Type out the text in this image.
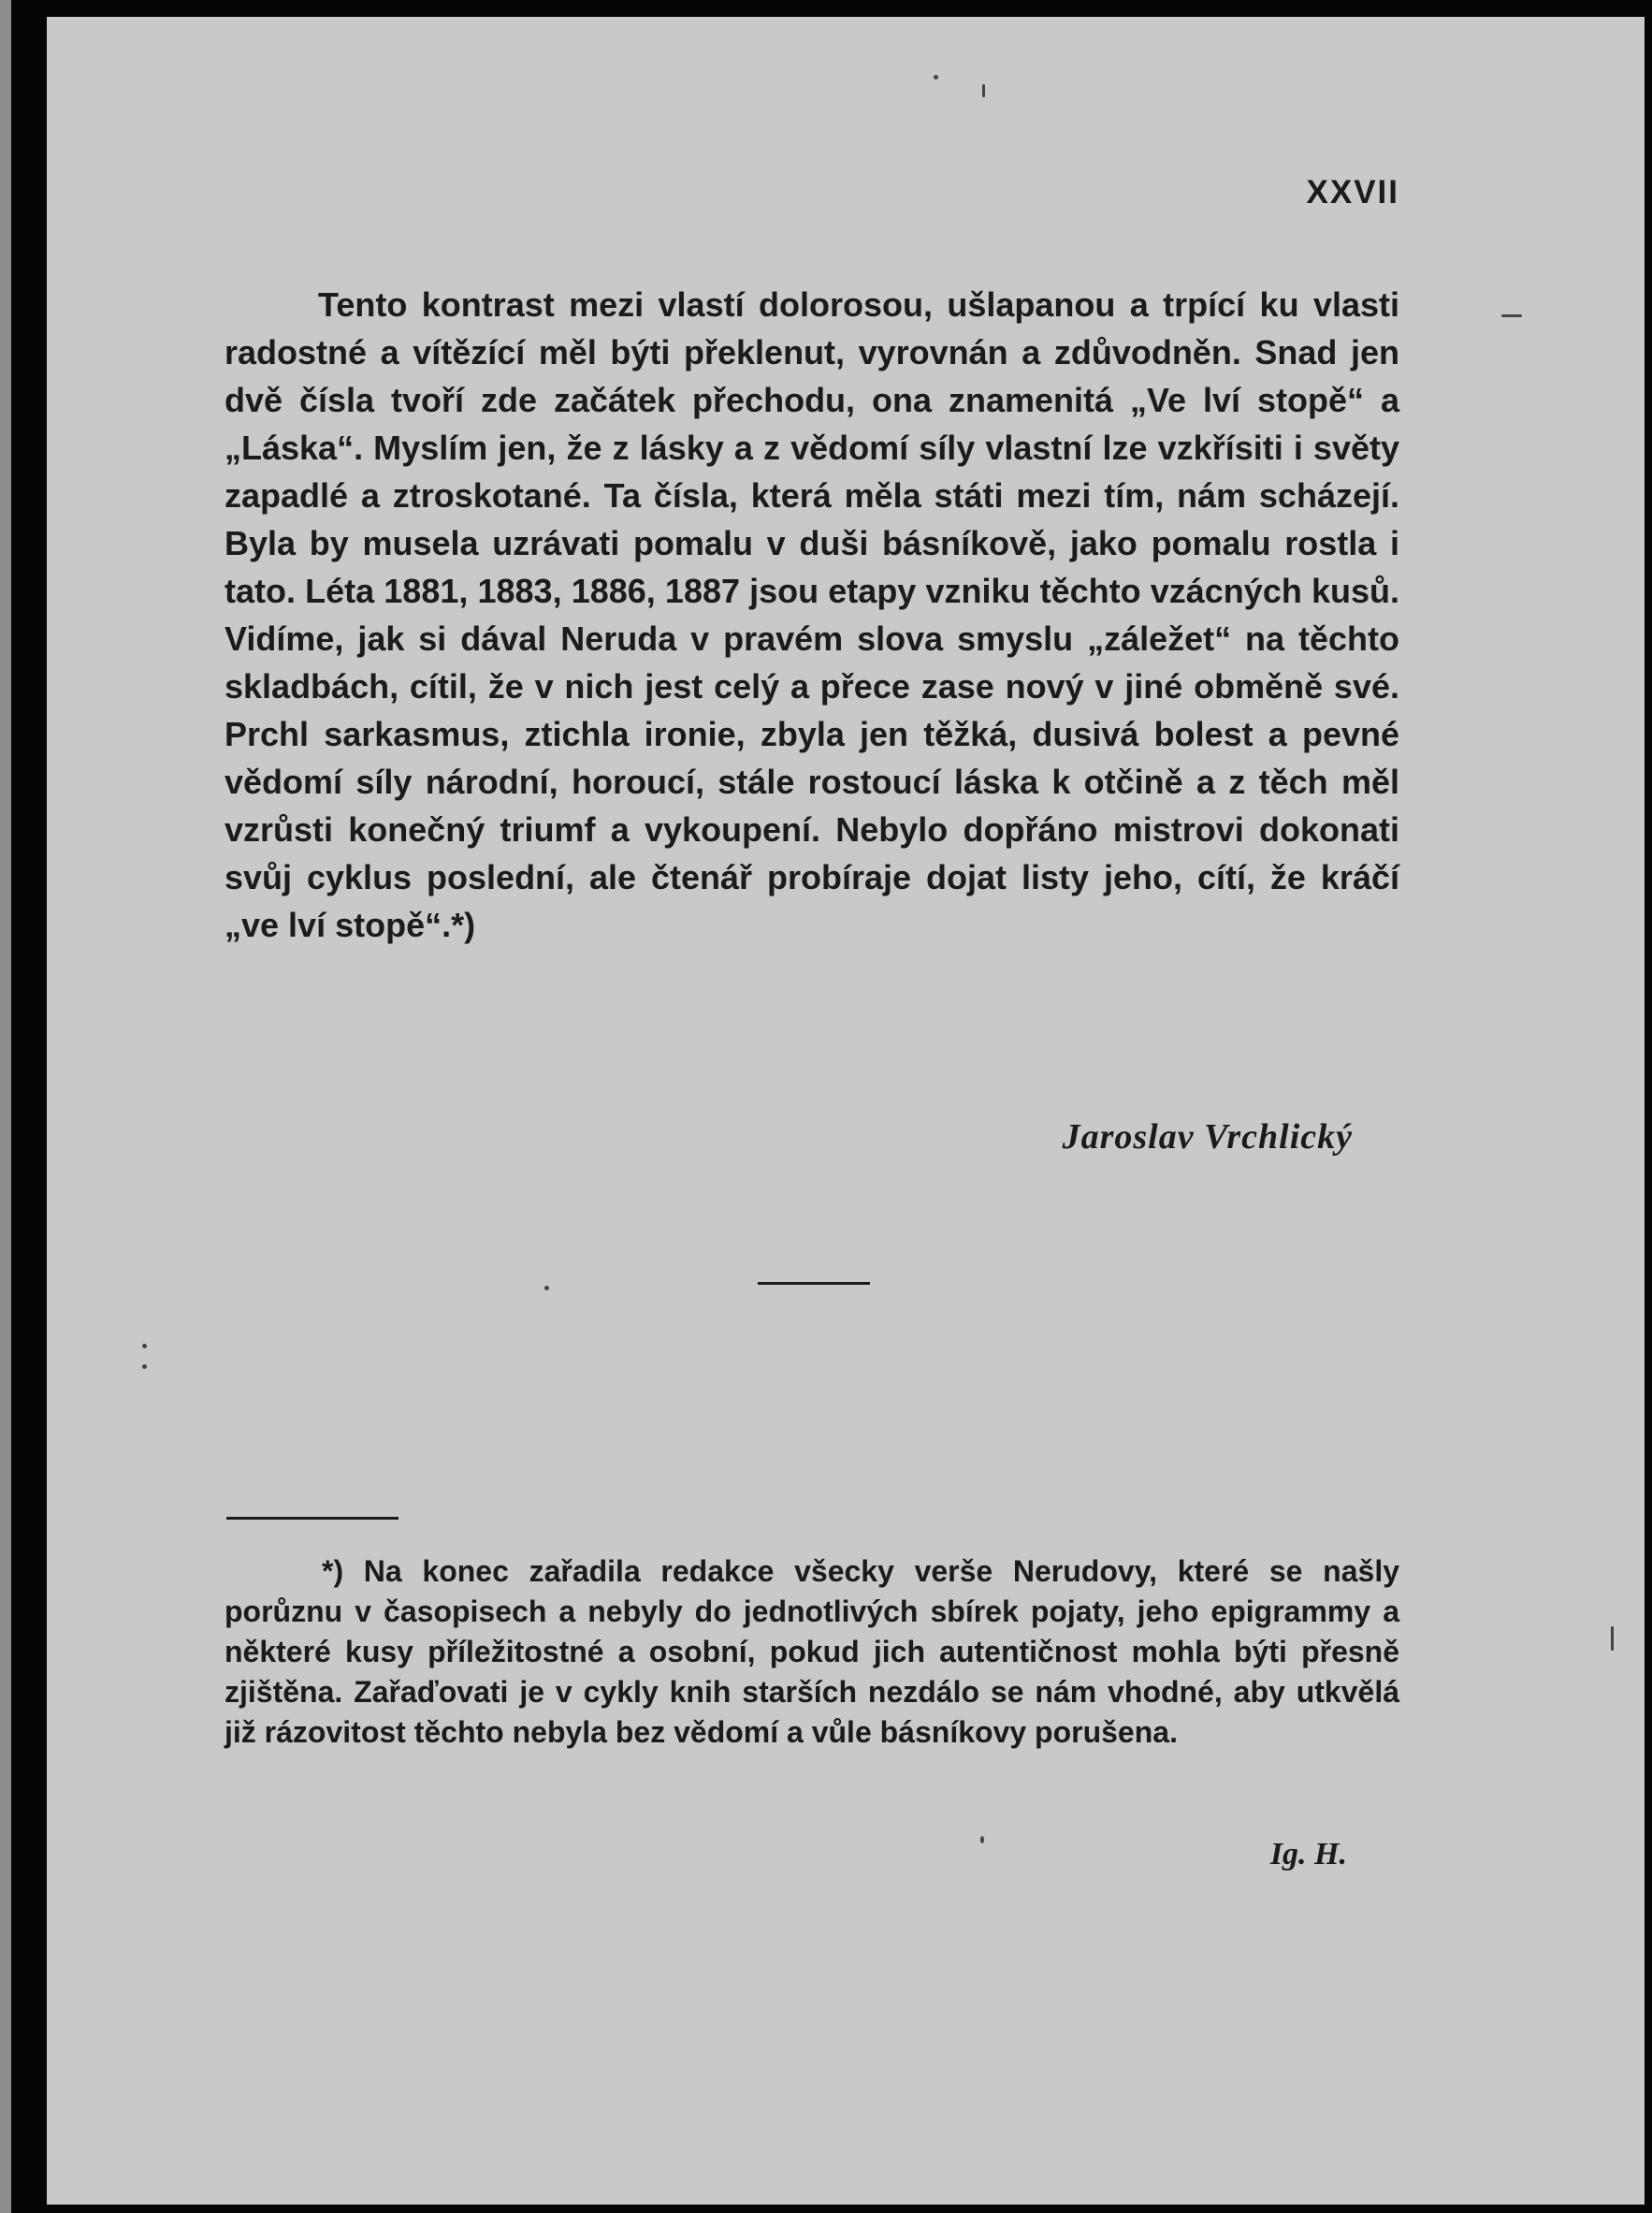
XXVII

Tento kontrast mezi vlastí dolorosou, ušlapanou a trpící ku vlasti radostné a vítězící měl býti překlenut, vyrovnán a zdůvodněn. Snad jen dvě čísla tvoří zde začátek přechodu, ona znamenitá „Ve lví stopě“ a „Láska“. Myslím jen, že z lásky a z vědomí síly vlastní lze vzkřísiti i světy zapadlé a ztroskotané. Ta čísla, která měla státi mezi tím, nám scházejí. Byla by musela uzrávati pomalu v duši básníkově, jako pomalu rostla i tato. Léta 1881, 1883, 1886, 1887 jsou etapy vzniku těchto vzácných kusů. Vidíme, jak si dával Neruda v pravém slova smyslu „záležet“ na těchto skladbách, cítil, že v nich jest celý a přece zase nový v jiné obměně své. Prchl sarkasmus, ztichla ironie, zbyla jen těžká, dusivá bolest a pevné vědomí síly národní, horoucí, stále rostoucí láska k otčině a z těch měl vzrůsti konečný triumf a vykoupení. Nebylo dopřáno mistrovi dokonati svůj cyklus poslední, ale čtenář probíraje dojat listy jeho, cítí, že kráčí „ve lví stopě“.*)

Jaroslav Vrchlický

*) Na konec zařadila redakce všecky verše Nerudovy, které se našly porůznu v časopisech a nebyly do jednotlivých sbírek pojaty, jeho epigrammy a některé kusy příležitostné a osobní, pokud jich autentičnost mohla býti přesně zjištěna. Zařaďovati je v cykly knih starších nezdálo se nám vhodné, aby utkvělá již rázovitost těchto nebyla bez vědomí a vůle básníkovy porušena.

Ig. H.
